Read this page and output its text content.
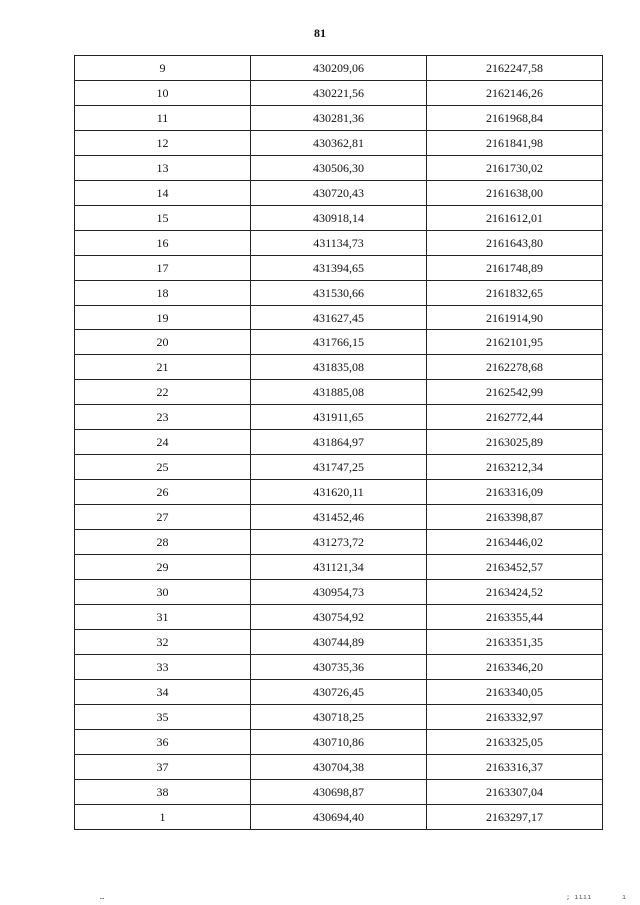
81
9	430209,06	2162247,58
10	430221,56	2162146,26
11	430281,36	2161968,84
12	430362,81	2161841,98
13	430506,30	2161730,02
14	430720,43	2161638,00
15	430918,14	2161612,01
16	431134,73	2161643,80
17	431394,65	2161748,89
18	431530,66	2161832,65
19	431627,45	2161914,90
20	431766,15	2162101,95
21	431835,08	2162278,68
22	431885,08	2162542,99
23	431911,65	2162772,44
24	431864,97	2163025,89
25	431747,25	2163212,34
26	431620,11	2163316,09
27	431452,46	2163398,87
28	431273,72	2163446,02
29	431121,34	2163452,57
30	430954,73	2163424,52
31	430754,92	2163355,44
32	430744,89	2163351,35
33	430735,36	2163346,20
34	430726,45	2163340,05
35	430718,25	2163332,97
36	430710,86	2163325,05
37	430704,38	2163316,37
38	430698,87	2163307,04
1	430694,40	2163297,17
…	; ıııı	ı
